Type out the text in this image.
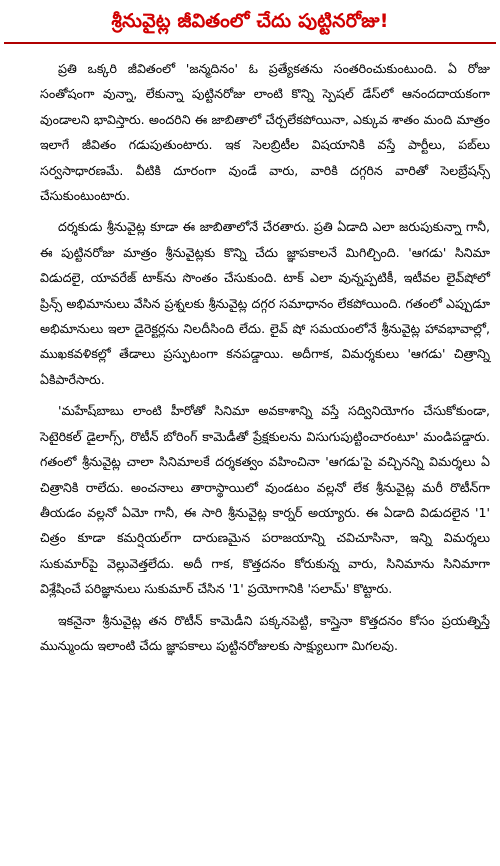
శ్రీనువైట్ల జీవితంలో చేదు పుట్టినరోజు!

ప్రతి ఒక్కరి జీవితంలో 'జన్మదినం' ఓ ప్రత్యేకతను సంతరించుకుంటుంది. ఏ రోజు సంతోషంగా వున్నా, లేకున్నా పుట్టినరోజు లాంటి కొన్ని స్పెషల్ డేస్‌లో ఆనందదాయకంగా వుండాలని భావిస్తారు. అందరిని ఈ జాబితాలో చేర్చలేకపోయినా, ఎక్కువ శాతం మంది మాత్రం ఇలాగే జీవితం గడుపుతుంటారు. ఇక సెలబ్రిటీల విషయానికి వస్తే పార్టీలు, పబ్‌లు సర్వసాధారణమే. వీటికి దూరంగా వుండే వారు, వారికి దగ్గరిన వారితో సెలబ్రేషన్స్ చేసుకుంటుంటారు.

దర్శకుడు శ్రీనువైట్ల కూడా ఈ జాబితాలోనే చేరతారు. ప్రతి ఏడాది ఎలా జరుపుకున్నా గానీ, ఈ పుట్టినరోజు మాత్రం శ్రీనువైట్లకు కొన్ని చేదు జ్ఞాపకాలనే మిగిల్చింది. 'ఆగడు' సినిమా విడుదలై, యావరేజ్ టాక్‌ను సొంతం చేసుకుంది. టాక్ ఎలా వున్నప్పటికీ, ఇటీవల లైవ్‌షోలో ప్రిన్స్ అభిమానులు వేసిన ప్రశ్నలకు శ్రీనువైట్ల దగ్గర సమాధానం లేకపోయింది. గతంలో ఎప్పుడూ అభిమానులు ఇలా డైరెక్టర్లను నిలదీసింది లేదు. లైవ్ షో సమయంలోనే శ్రీనువైట్ల హావభావాల్లో, ముఖకవళికల్లో తేడాలు ప్రస్ఫుటంగా కనపడ్డాయి. అదీగాక, విమర్శకులు 'ఆగడు' చిత్రాన్ని ఏకిపారేసారు.

'మహేష్‌బాబు లాంటి హీరోతో సినిమా అవకాశాన్ని వస్తే సద్వినియోగం చేసుకోకుండా, సెటైరికల్ డైలాగ్స్, రొటీన్ బోరింగ్ కామెడీతో ప్రేక్షకులను విసుగుపుట్టించారంటూ' మండిపడ్డారు. గతంలో శ్రీనువైట్ల చాలా సినిమాలకే దర్శకత్వం వహించినా 'ఆగడు'పై వచ్చినన్ని విమర్శలు ఏ చిత్రానికి రాలేదు. అంచనాలు తారాస్థాయిలో వుండటం వల్లనో లేక శ్రీనువైట్ల మరీ రొటీన్‌గా తీయడం వల్లనో ఏమో గానీ, ఈ సారి శ్రీనువైట్ల కార్నర్ అయ్యారు. ఈ ఏడాది విడుదలైన '1' చిత్రం కూడా కమర్షియల్‌గా దారుణమైన పరాజయాన్ని చవిచూసినా, ఇన్ని విమర్శలు సుకుమార్‌పై వెల్లువెత్తలేదు. అదీ గాక, కొత్తదనం కోరుకున్న వారు, సినిమాను సినిమాగా విశ్లేషించే పరిజ్ఞానులు సుకుమార్ చేసిన '1' ప్రయోగానికి 'సలామ్' కొట్టారు.

ఇకనైనా శ్రీనువైట్ల తన రొటీన్ కామెడీని పక్కనపెట్టి, కాస్తైనా కొత్తదనం కోసం ప్రయత్నిస్తే మున్ముందు ఇలాంటి చేదు జ్ఞాపకాలు పుట్టినరోజులకు సాక్ష్యులుగా మిగలవు.
